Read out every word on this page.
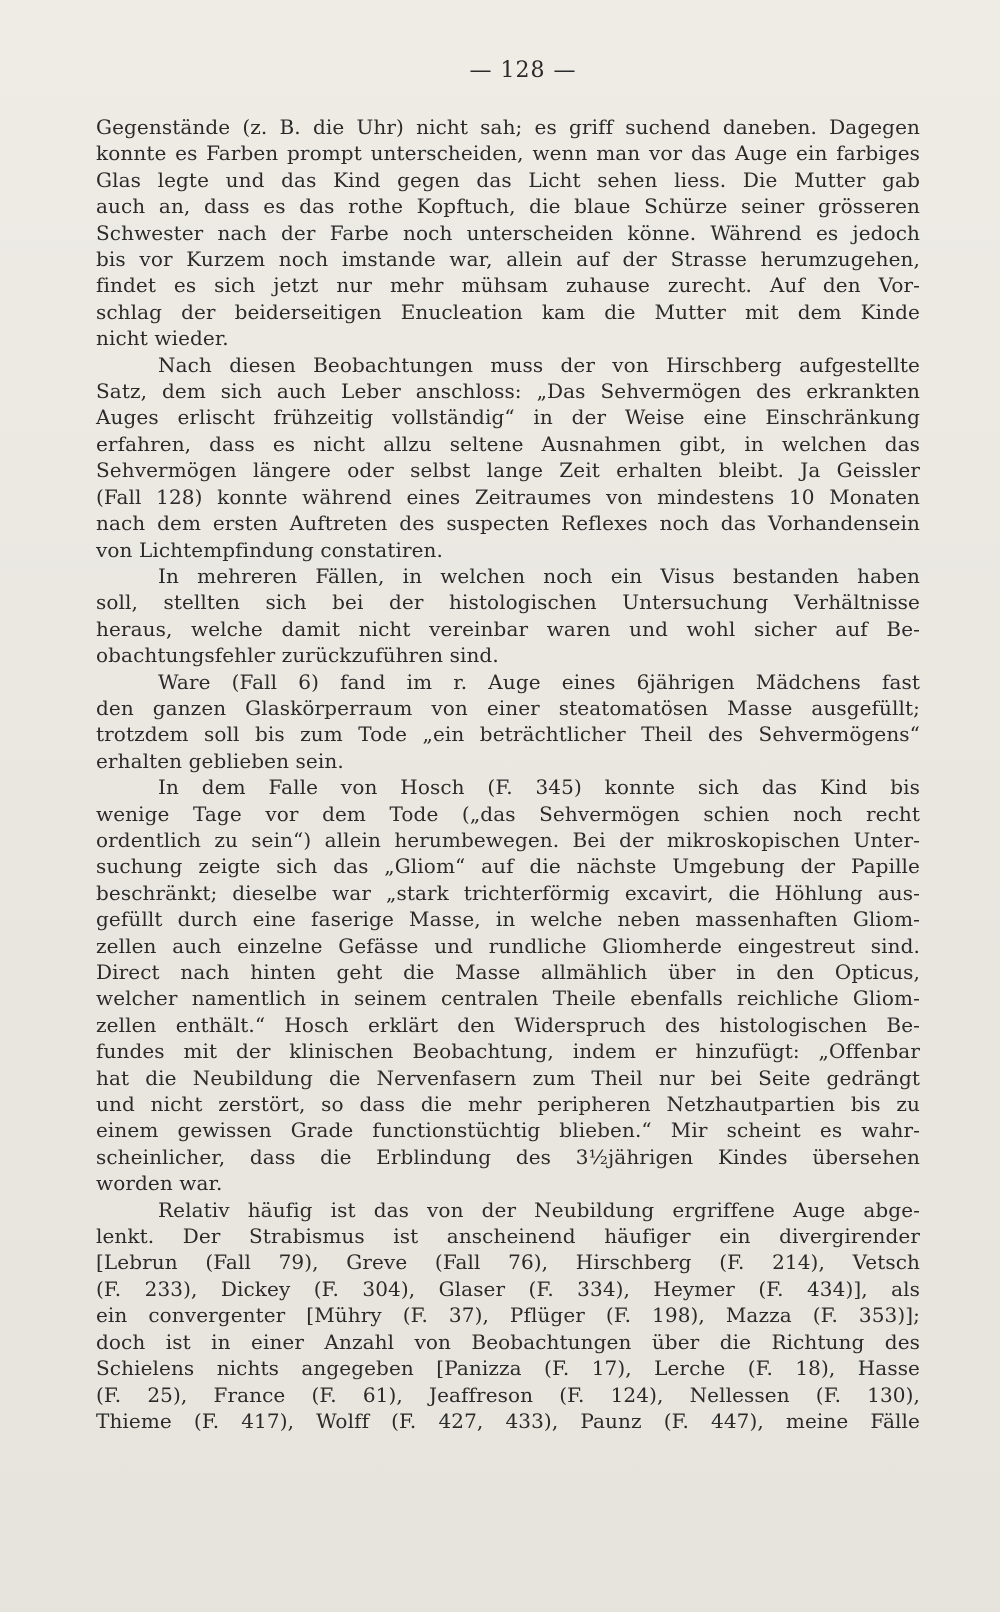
— 128 —
Gegenstände (z. B. die Uhr) nicht sah; es griff suchend daneben. Dagegen
konnte es Farben prompt unterscheiden, wenn man vor das Auge ein farbiges
Glas legte und das Kind gegen das Licht sehen liess. Die Mutter gab
auch an, dass es das rothe Kopftuch, die blaue Schürze seiner grösseren
Schwester nach der Farbe noch unterscheiden könne. Während es jedoch
bis vor Kurzem noch imstande war, allein auf der Strasse herumzugehen,
findet es sich jetzt nur mehr mühsam zuhause zurecht. Auf den Vor-
schlag der beiderseitigen Enucleation kam die Mutter mit dem Kinde
nicht wieder.
Nach diesen Beobachtungen muss der von Hirschberg aufgestellte
Satz, dem sich auch Leber anschloss: „Das Sehvermögen des erkrankten
Auges erlischt frühzeitig vollständig“ in der Weise eine Einschränkung
erfahren, dass es nicht allzu seltene Ausnahmen gibt, in welchen das
Sehvermögen längere oder selbst lange Zeit erhalten bleibt. Ja Geissler
(Fall 128) konnte während eines Zeitraumes von mindestens 10 Monaten
nach dem ersten Auftreten des suspecten Reflexes noch das Vorhandensein
von Lichtempfindung constatiren.
In mehreren Fällen, in welchen noch ein Visus bestanden haben
soll, stellten sich bei der histologischen Untersuchung Verhältnisse
heraus, welche damit nicht vereinbar waren und wohl sicher auf Be-
obachtungsfehler zurückzuführen sind.
Ware (Fall 6) fand im r. Auge eines 6jährigen Mädchens fast
den ganzen Glaskörperraum von einer steatomatösen Masse ausgefüllt;
trotzdem soll bis zum Tode „ein beträchtlicher Theil des Sehvermögens“
erhalten geblieben sein.
In dem Falle von Hosch (F. 345) konnte sich das Kind bis
wenige Tage vor dem Tode („das Sehvermögen schien noch recht
ordentlich zu sein“) allein herumbewegen. Bei der mikroskopischen Unter-
suchung zeigte sich das „Gliom“ auf die nächste Umgebung der Papille
beschränkt; dieselbe war „stark trichterförmig excavirt, die Höhlung aus-
gefüllt durch eine faserige Masse, in welche neben massenhaften Gliom-
zellen auch einzelne Gefässe und rundliche Gliomherde eingestreut sind.
Direct nach hinten geht die Masse allmählich über in den Opticus,
welcher namentlich in seinem centralen Theile ebenfalls reichliche Gliom-
zellen enthält.“ Hosch erklärt den Widerspruch des histologischen Be-
fundes mit der klinischen Beobachtung, indem er hinzufügt: „Offenbar
hat die Neubildung die Nervenfasern zum Theil nur bei Seite gedrängt
und nicht zerstört, so dass die mehr peripheren Netzhautpartien bis zu
einem gewissen Grade functionstüchtig blieben.“ Mir scheint es wahr-
scheinlicher, dass die Erblindung des 3½jährigen Kindes übersehen
worden war.
Relativ häufig ist das von der Neubildung ergriffene Auge abge-
lenkt. Der Strabismus ist anscheinend häufiger ein divergirender
[Lebrun (Fall 79), Greve (Fall 76), Hirschberg (F. 214), Vetsch
(F. 233), Dickey (F. 304), Glaser (F. 334), Heymer (F. 434)], als
ein convergenter [Mühry (F. 37), Pflüger (F. 198), Mazza (F. 353)];
doch ist in einer Anzahl von Beobachtungen über die Richtung des
Schielens nichts angegeben [Panizza (F. 17), Lerche (F. 18), Hasse
(F. 25), France (F. 61), Jeaffreson (F. 124), Nellessen (F. 130),
Thieme (F. 417), Wolff (F. 427, 433), Paunz (F. 447), meine Fälle
